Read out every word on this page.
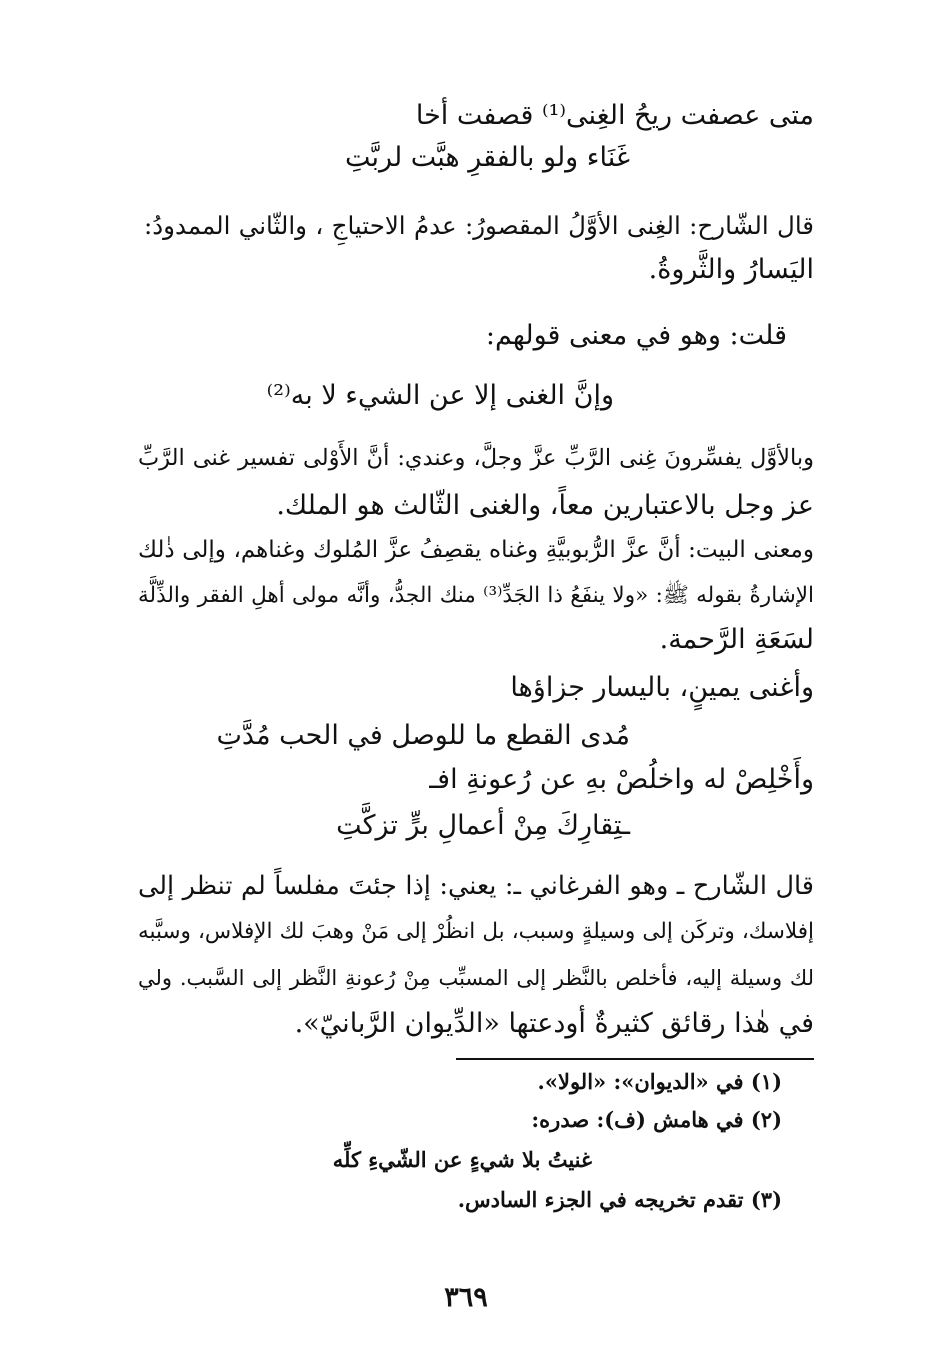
متى عصفت ريحُ الغِنى⁽¹⁾ قصفت أخا
غَنَاء ولو بالفقرِ هبَّت لربَّتِ
قال الشّارح: الغِنى الأوَّلُ المقصورُ: عدمُ الاحتياجِ ، والثّاني الممدودُ:
اليَسارُ والثَّروةُ.
قلت: وهو في معنى قولهم:
وإنَّ الغنى إلا عن الشيء لا به⁽²⁾
وبالأوَّل يفسِّرونَ غِنى الرَّبِّ عزَّ وجلَّ، وعندي: أنَّ الأَوْلى تفسير غنى الرَّبِّ
عز وجل بالاعتبارين معاً، والغنى الثّالث هو الملك.
ومعنى البيت: أنَّ عزَّ الرُّبوبيَّةِ وغناه يقصِفُ عزَّ المُلوك وغناهم، وإلى ذٰلك
الإشارةُ بقوله ﷺ: «ولا ينفَعُ ذا الجَدِّ⁽³⁾ منك الجدُّ، وأنَّه مولى أهلِ الفقر والذِّلَّة
لسَعَةِ الرَّحمة.
وأغنى يمينٍ، باليسار جزاؤها
مُدى القطع ما للوصل في الحب مُدَّتِ
وأَخْلِصْ له واخلُصْ بهِ عن رُعونةِ افـ
ـتِقارِكَ مِنْ أعمالِ برٍّ تزكَّتِ
قال الشّارح ـ وهو الفرغاني ـ: يعني: إذا جئتَ مفلساً لم تنظر إلى
إفلاسك، وتركَن إلى وسيلةٍ وسبب، بل انظُرْ إلى مَنْ وهبَ لك الإفلاس، وسبَّبه
لك وسيلة إليه، فأخلص بالنَّظر إلى المسبِّب مِنْ رُعونةِ النَّظر إلى السَّبب. ولي
في هٰذا رقائق كثيرةٌ أودعتها «الدِّيوان الرَّبانيّ».
(١) في «الديوان»: «الولا».
(٢) في هامش (ف): صدره:
غنيتُ بلا شيءٍ عن الشّيءِ كلِّه
(٣) تقدم تخريجه في الجزء السادس.
٣٦٩
